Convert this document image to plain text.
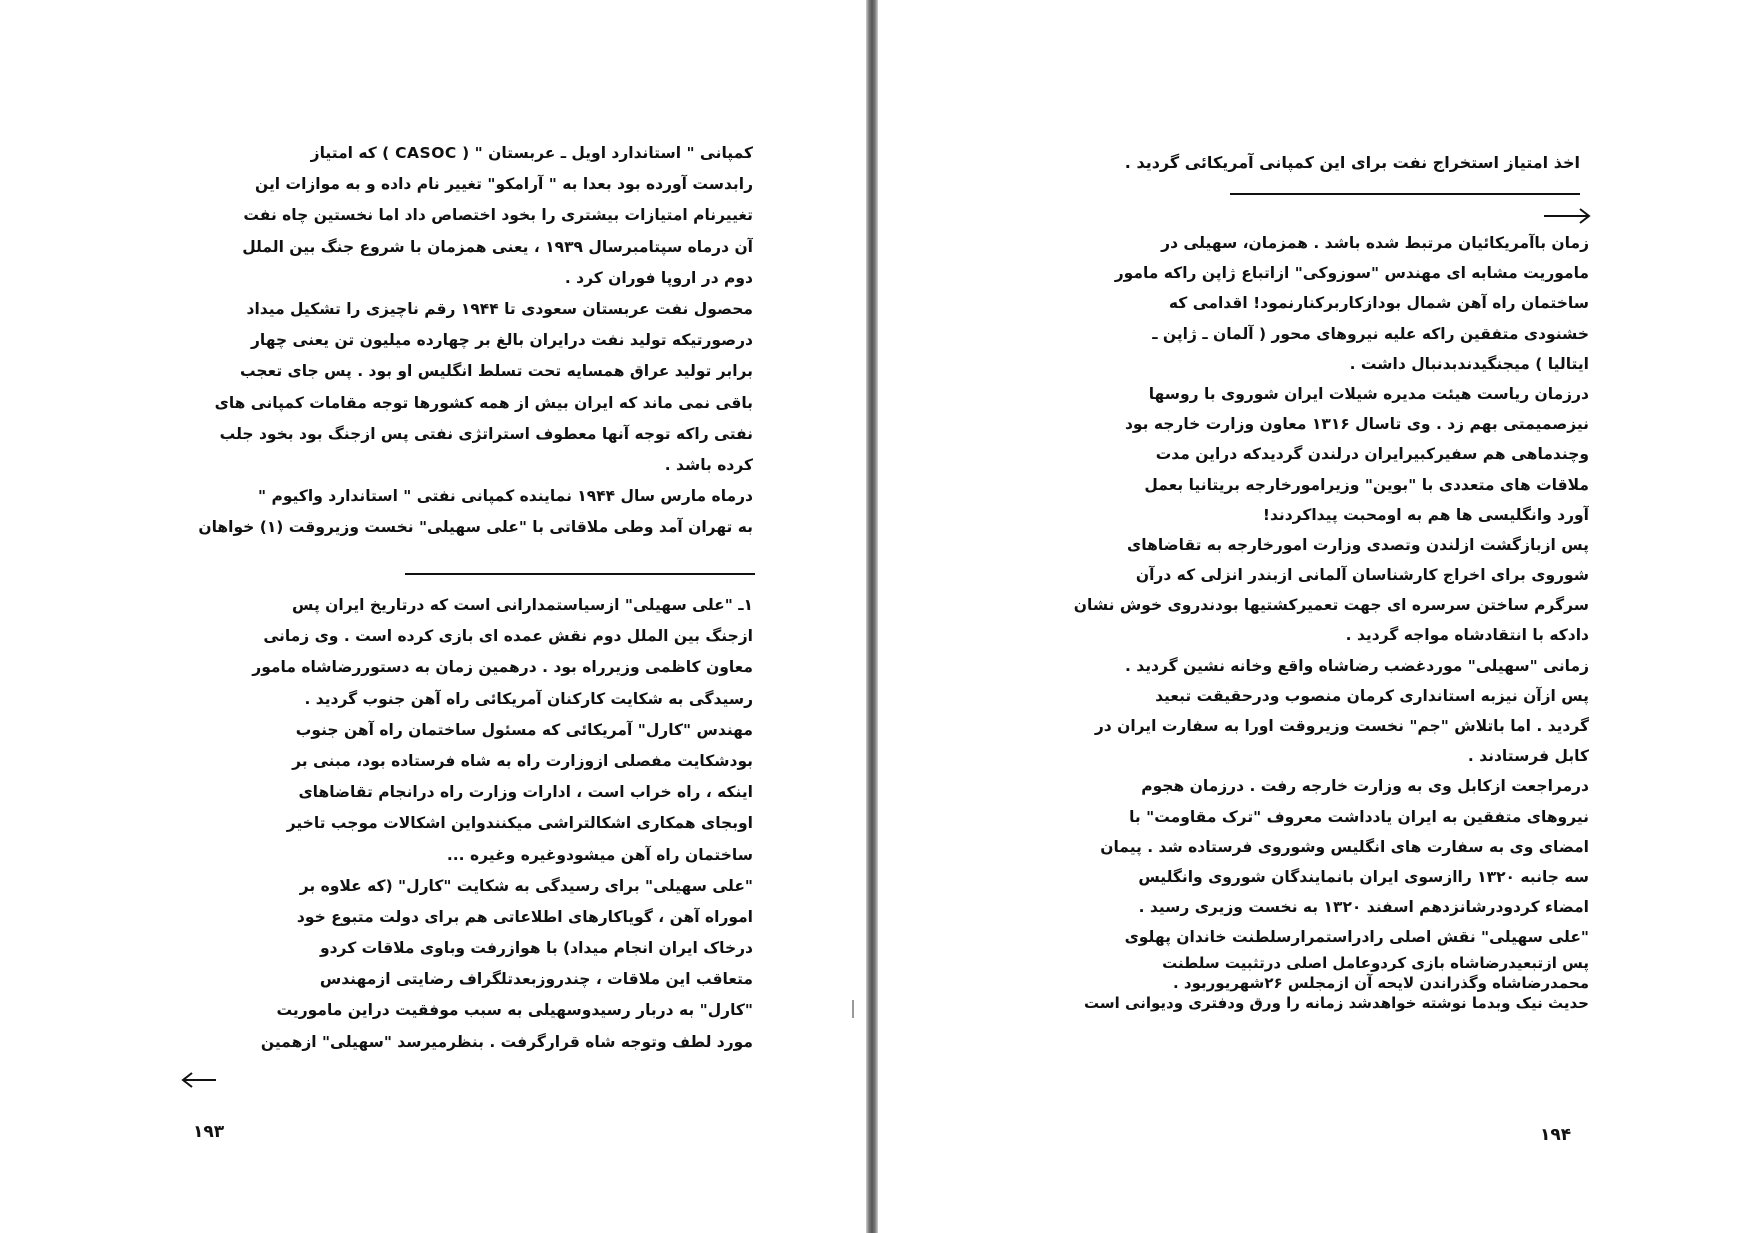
کمپانی " استاندارد اویل ـ عربستان " ( CASOC ) که امتیاز
رابدست آورده بود بعدا به " آرامکو" تغییر نام داده و به موازات این
تغییرنام امتیازات بیشتری را بخود اختصاص داد اما نخستین چاه نفت
آن درماه سپتامبرسال ۱۹۳۹ ، یعنی همزمان با شروع جنگ بین الملل
دوم در اروپا فوران کرد .

محصول نفت عربستان سعودی تا ۱۹۴۴ رقم ناچیزی را تشکیل میداد
درصورتیکه تولید نفت درایران بالغ بر چهارده میلیون تن یعنی چهار
برابر تولید عراق همسایه تحت تسلط انگلیس او بود . پس جای تعجب
باقی نمی ماند که ایران بیش از همه کشورها توجه مقامات کمپانی های
نفتی راکه توجه آنها معطوف استراتژی نفتی پس ازجنگ بود بخود جلب
کرده باشد .

درماه مارس سال ۱۹۴۴ نماینده کمپانی نفتی " استاندارد واکیوم "
به تهران آمد وطی ملاقاتی با "علی سهیلی" نخست وزیروقت (۱) خواهان

۱ـ "علی سهیلی" ازسیاستمدارانی است که درتاریخ ایران پس
ازجنگ بین الملل دوم نقش عمده ای بازی کرده است . وی زمانی
معاون کاظمی وزیرراه بود . درهمین زمان به دستوررضاشاه مامور
رسیدگی به شکایت کارکنان آمریکائی راه آهن جنوب گردید .

مهندس "کارل" آمریکائی که مسئول ساختمان راه آهن جنوب
بودشکایت مفصلی ازوزارت راه به شاه فرستاده بود، مبنی بر
اینکه ، راه خراب است ، ادارات وزارت راه درانجام تقاضاهای
اوبجای همکاری اشکالتراشی میکنندواین اشکالات موجب تاخیر
ساختمان راه آهن میشودوغیره وغیره ...

"علی سهیلی" برای رسیدگی به شکایت "کارل" (که علاوه بر
اموراه آهن ، گویاکارهای اطلاعاتی هم برای دولت متبوع خود
درخاک ایران انجام میداد) با هوازرفت وباوی ملاقات کردو
متعاقب این ملاقات ، چندروزبعدتلگراف رضایتی ازمهندس
"کارل" به دربار رسیدوسهیلی به سبب موفقیت دراین ماموریت
مورد لطف وتوجه شاه قرارگرفت . بنظرمیرسد "سهیلی" ازهمین

۱۹۳
اخذ امتیاز استخراج نفت برای این کمپانی آمریکائی گردید .

زمان باآمریکائیان مرتبط شده باشد . همزمان، سهیلی در
ماموریت مشابه ای مهندس "سوزوکی" ازاتباع ژاپن راکه مامور
ساختمان راه آهن شمال بودازکاربرکنارنمود! اقدامی که
خشنودی متفقین راکه علیه نیروهای محور ( آلمان ـ ژاپن ـ
ایتالیا ) میجنگیدندبدنبال داشت .

درزمان ریاست هیئت مدیره شیلات ایران شوروی با روسها
نیزصمیمتی بهم زد . وی تاسال ۱۳۱۶ معاون وزارت خارجه بود
وچندماهی هم سفیرکبیرایران درلندن گردیدکه دراین مدت
ملاقات های متعددی با "بوین" وزیرامورخارجه بریتانیا بعمل
آورد وانگلیسی ها هم به اومحبت پیداکردند!

پس ازبازگشت ازلندن وتصدی وزارت امورخارجه به تقاضاهای
شوروی برای اخراج کارشناسان آلمانی ازبندر انزلی که درآن
سرگرم ساختن سرسره ای جهت تعمیرکشتیها بودندروی خوش نشان
دادکه با انتقادشاه مواجه گردید .

زمانی "سهیلی" موردغضب رضاشاه واقع وخانه نشین گردید .
پس ازآن نیزبه استانداری کرمان منصوب ودرحقیقت تبعید
گردید . اما باتلاش "جم" نخست وزیروقت اورا به سفارت ایران در
کابل فرستادند .

درمراجعت ازکابل وی به وزارت خارجه رفت . درزمان هجوم
نیروهای متفقین به ایران یادداشت معروف "ترک مقاومت" با
امضای وی به سفارت های انگلیس وشوروی فرستاده شد . پیمان
سه جانبه ۱۳۲۰ راازسوی ایران بانمایندگان شوروی وانگلیس
امضاء کردودرشانزدهم اسفند ۱۳۲۰ به نخست وزیری رسید .

"علی سهیلی" نقش اصلی رادراستمرارسلطنت خاندان پهلوی
پس ازتبعیدرضاشاه بازی کردوعامل اصلی درتثبیت سلطنت
محمدرضاشاه وگذراندن لایحه آن ازمجلس ۲۶شهریوربود .
حدیث نیک وبدما نوشته خواهدشد زمانه را ورق ودفتری ودیوانی است

۱۹۴
